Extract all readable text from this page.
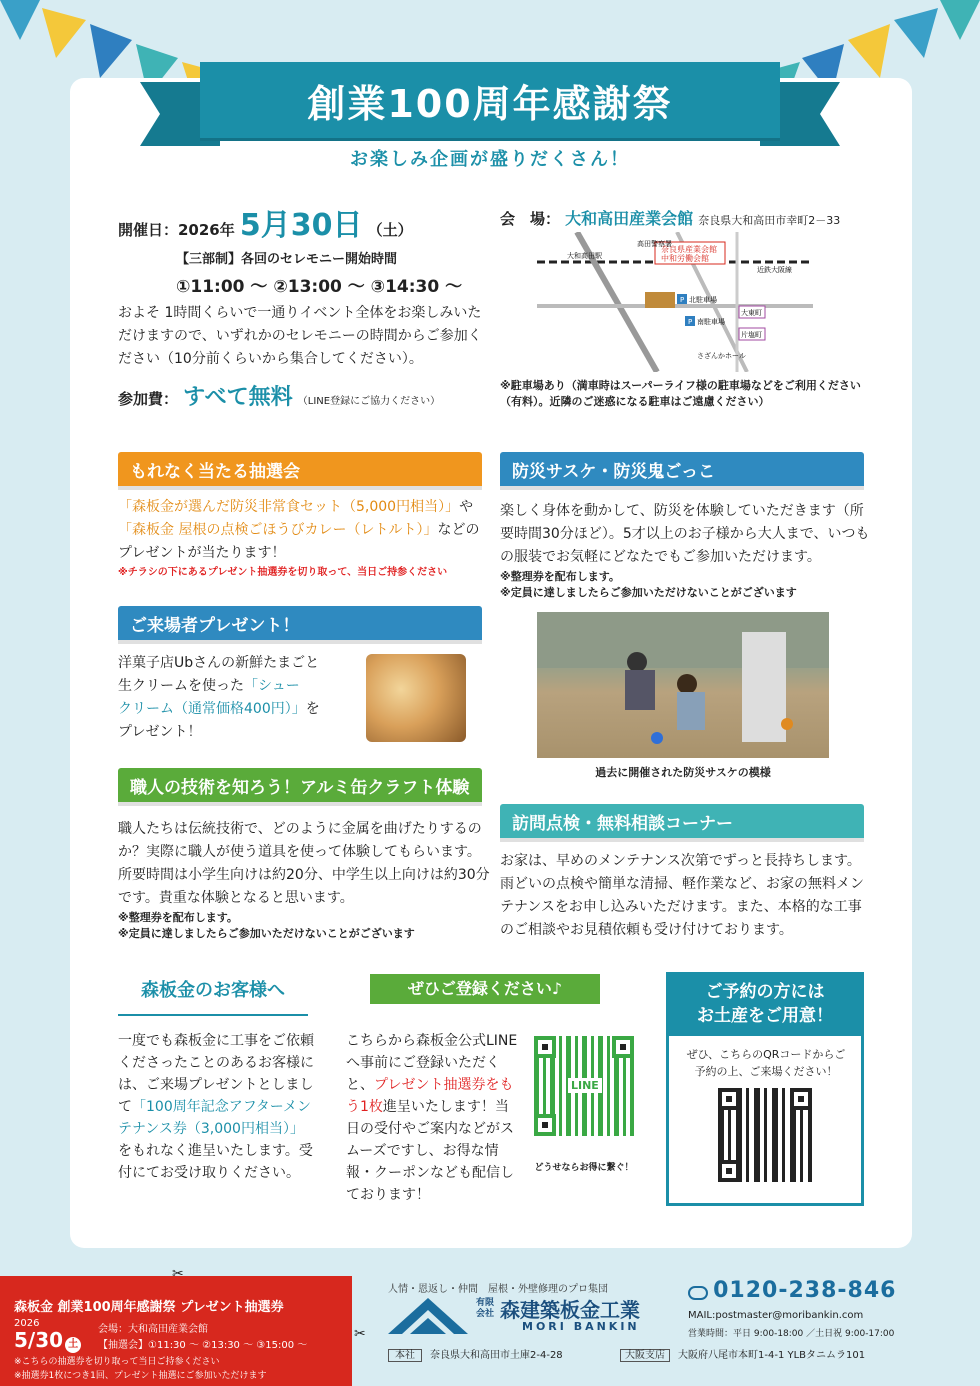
創業100周年感謝祭
お楽しみ企画が盛りだくさん！
開催日：2026年 5月30日 （土）
【三部制】各回のセレモニー開始時間
①11:00 ～ ②13:00 ～ ③14:30 ～
およそ 1時間くらいで一通りイベント全体をお楽しみいただけますので、いずれかのセレモニーの時間からご参加ください（10分前くらいから集合してください）。
参加費： すべて無料 （LINE登録にご協力ください）
会　場： 大和高田産業会館 奈良県大和高田市幸町2－33
奈良県産業会館
中和労働会館
大和高田駅
P
P
北駐車場
南駐車場
近鉄大阪線
大東町
高田警察署
さざんかホール
片塩町
※駐車場あり（満車時はスーパーライフ様の駐車場などをご利用ください（有料）。近隣のご迷惑になる駐車はご遠慮ください）
もれなく当たる抽選会
「森板金が選んだ防災非常食セット（5,000円相当）」や
「森板金 屋根の点検ごほうびカレー（レトルト）」などの
プレゼントが当たります！
※チラシの下にあるプレゼント抽選券を切り取って、当日ご持参ください
ご来場者プレゼント！
洋菓子店Ubさんの新鮮たまごと
生クリームを使った「シュー
クリーム（通常価格400円）」を
プレゼント！
職人の技術を知ろう！アルミ缶クラフト体験
職人たちは伝統技術で、どのように金属を曲げたりするのか？実際に職人が使う道具を使って体験してもらいます。所要時間は小学生向けは約20分、中学生以上向けは約30分です。貴重な体験となると思います。
※整理券を配布します。
※定員に達しましたらご参加いただけないことがございます
防災サスケ・防災鬼ごっこ
楽しく身体を動かして、防災を体験していただきます（所要時間30分ほど）。5才以上のお子様から大人まで、いつもの服装でお気軽にどなたでもご参加いただけます。
※整理券を配布します。
※定員に達しましたらご参加いただけないことがございます
過去に開催された防災サスケの模様
訪問点検・無料相談コーナー
お家は、早めのメンテナンス次第でずっと長持ちします。雨どいの点検や簡単な清掃、軽作業など、お家の無料メンテナンスをお申し込みいただけます。また、本格的な工事のご相談やお見積依頼も受け付けております。
森板金のお客様へ
一度でも森板金に工事をご依頼くださったことのあるお客様には、ご来場プレゼントとしまして「100周年記念アフターメンテナンス券（3,000円相当）」をもれなく進呈いたします。受付にてお受け取りください。
ぜひご登録ください♪
こちらから森板金公式LINEへ事前にご登録いただくと、プレゼント抽選券をもう1枚進呈いたします！当日の受付やご案内などがスムーズですし、お得な情報・クーポンなども配信しております！
LINE
どうせならお得に繋ぐ！
ご予約の方には
お土産をご用意！
ぜひ、こちらのQRコードからご予約の上、ご来場ください！
森板金 創業100周年感謝祭 プレゼント抽選券
2026
5/30 土
会場：大和高田産業会館
【抽選会】①11:30 ～ ②13:30 ～ ③15:00 ～
※こちらの抽選券を切り取って当日ご持参ください
※抽選券1枚につき1回、プレゼント抽選にご参加いただけます
✂
✂
人情・恩返し・仲間　屋根・外壁修理のプロ集団
有限会社 森建築板金工業
MORI BANKIN
0120-238-846
MAIL:postmaster@moribankin.com
営業時間：平日 9:00-18:00 ／土日祝 9:00-17:00
本社 奈良県大和高田市土庫2-4-28	大阪支店 大阪府八尾市本町1-4-1 YLBタニムラ101
